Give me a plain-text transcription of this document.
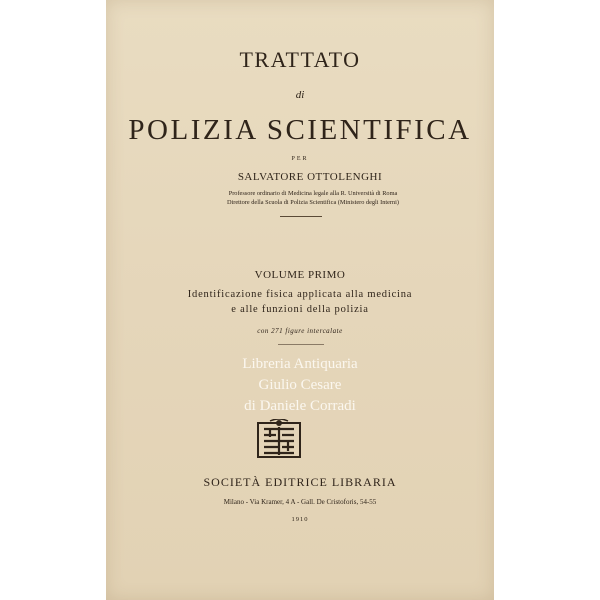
TRATTATO
di
POLIZIA SCIENTIFICA
PER
SALVATORE OTTOLENGHI
Professore ordinario di Medicina legale alla R. Università di Roma
Direttore della Scuola di Polizia Scientifica (Ministero degli Interni)
VOLUME PRIMO
Identificazione fisica applicata alla medicina
e alle funzioni della polizia
con 271 figure intercalate
Libreria Antiquaria
Giulio Cesare
di Daniele Corradi
SOCIETÀ EDITRICE LIBRARIA
Milano - Via Kramer, 4 A - Gall. De Cristoforis, 54-55
1910
